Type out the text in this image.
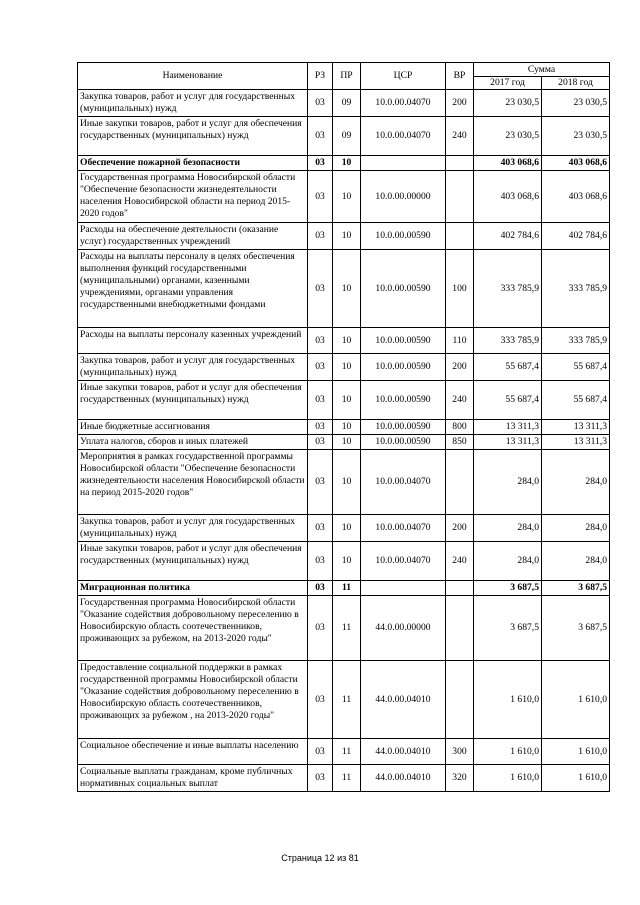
Наименование	РЗ	ПР	ЦСР	ВР	Сумма	
					2017 год	2018 год
Закупка товаров, работ и услуг для государственных (муниципальных) нужд	03	09	10.0.00.04070	200	23 030,5	23 030,5
Иные закупки товаров, работ и услуг для обеспечения государственных (муниципальных) нужд	03	09	10.0.00.04070	240	23 030,5	23 030,5
Обеспечение пожарной безопасности	03	10			403 068,6	403 068,6
Государственная программа Новосибирской области "Обеспечение безопасности жизнедеятельности населения Новосибирской области на период 2015-2020 годов"	03	10	10.0.00.00000		403 068,6	403 068,6
Расходы на обеспечение деятельности (оказание услуг) государственных учреждений	03	10	10.0.00.00590		402 784,6	402 784,6
Расходы на выплаты персоналу в целях обеспечения выполнения функций государственными (муниципальными) органами, казенными учреждениями, органами управления государственными внебюджетными фондами	03	10	10.0.00.00590	100	333 785,9	333 785,9
Расходы на выплаты персоналу казенных учреждений	03	10	10.0.00.00590	110	333 785,9	333 785,9
Закупка товаров, работ и услуг для государственных (муниципальных) нужд	03	10	10.0.00.00590	200	55 687,4	55 687,4
Иные закупки товаров, работ и услуг для обеспечения государственных (муниципальных) нужд	03	10	10.0.00.00590	240	55 687,4	55 687,4
Иные бюджетные ассигнования	03	10	10.0.00.00590	800	13 311,3	13 311,3
Уплата налогов, сборов и иных платежей	03	10	10.0.00.00590	850	13 311,3	13 311,3
Мероприятия в рамках государственной программы Новосибирской области "Обеспечение безопасности жизнедеятельности населения Новосибирской области на период 2015-2020 годов"	03	10	10.0.00.04070		284,0	284,0
Закупка товаров, работ и услуг для государственных (муниципальных) нужд	03	10	10.0.00.04070	200	284,0	284,0
Иные закупки товаров, работ и услуг для обеспечения государственных (муниципальных) нужд	03	10	10.0.00.04070	240	284,0	284,0
Миграционная политика	03	11			3 687,5	3 687,5
Государственная программа Новосибирской области "Оказание содействия добровольному переселению в Новосибирскую область соотечественников, проживающих за рубежом, на 2013-2020 годы"	03	11	44.0.00.00000		3 687,5	3 687,5
Предоставление социальной поддержки в рамках государственной программы Новосибирской области "Оказание содействия добровольному переселению в Новосибирскую область соотечественников, проживающих за рубежом , на 2013-2020 годы"	03	11	44.0.00.04010		1 610,0	1 610,0
Социальное обеспечение и иные выплаты населению	03	11	44.0.00.04010	300	1 610,0	1 610,0
Социальные выплаты гражданам, кроме публичных нормативных социальных выплат	03	11	44.0.00.04010	320	1 610,0	1 610,0
Страница 12 из 81
